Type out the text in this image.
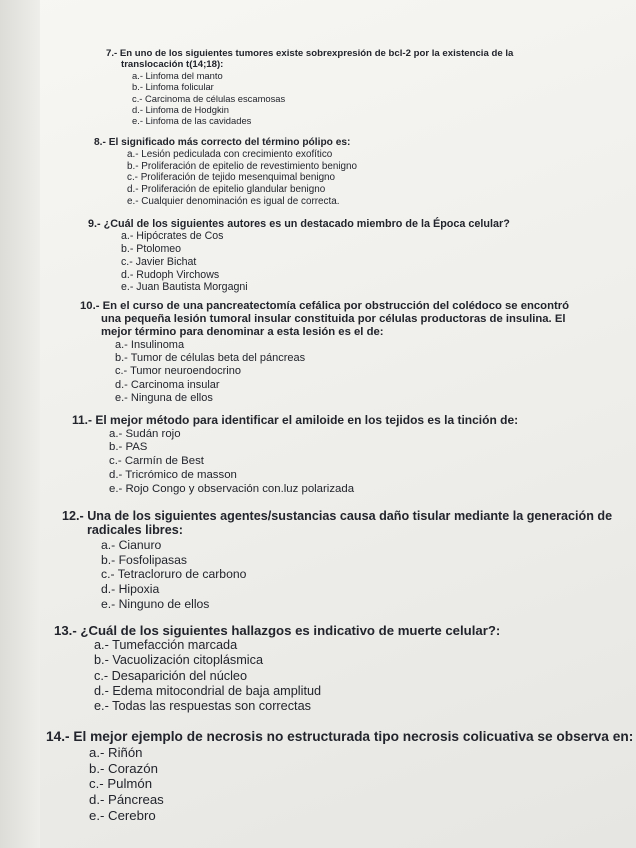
7.- En uno de los siguientes tumores existe sobrexpresión de bcl-2 por la existencia de la
translocación t(14;18):
a.- Linfoma del manto
b.- Linfoma folicular
c.- Carcinoma de células escamosas
d.- Linfoma de Hodgkin
e.- Linfoma de las cavidades
8.- El significado más correcto del término pólipo es:
a.- Lesión pediculada con crecimiento exofítico
b.- Proliferación de epitelio de revestimiento benigno
c.- Proliferación de tejido mesenquimal benigno
d.- Proliferación de epitelio glandular benigno
e.- Cualquier denominación es igual de correcta.
9.- ¿Cuál de los siguientes autores es un destacado miembro de la Época celular?
a.- Hipócrates de Cos
b.- Ptolomeo
c.- Javier Bichat
d.- Rudoph Virchows
e.- Juan Bautista Morgagni
10.- En el curso de una pancreatectomía cefálica por obstrucción del colédoco se encontró
una pequeña lesión tumoral insular constituida por células productoras de insulina. El
mejor término para denominar a esta lesión es el de:
a.- Insulinoma
b.- Tumor de células beta del páncreas
c.- Tumor neuroendocrino
d.- Carcinoma insular
e.- Ninguna de ellos
11.- El mejor método para identificar el amiloide en los tejidos es la tinción de:
a.- Sudán rojo
b.- PAS
c.- Carmín de Best
d.- Tricrómico de masson
e.- Rojo Congo y observación con.luz polarizada
12.- Una de los siguientes agentes/sustancias causa daño tisular mediante la generación de
radicales libres:
a.- Cianuro
b.- Fosfolipasas
c.- Tetracloruro de carbono
d.- Hipoxia
e.- Ninguno de ellos
13.- ¿Cuál de los siguientes hallazgos es indicativo de muerte celular?:
a.- Tumefacción marcada
b.- Vacuolización citoplásmica
c.- Desaparición del núcleo
d.- Edema mitocondrial de baja amplitud
e.- Todas las respuestas son correctas
14.- El mejor ejemplo de necrosis no estructurada tipo necrosis colicuativa se observa en:
a.- Riñón
b.- Corazón
c.- Pulmón
d.- Páncreas
e.- Cerebro
